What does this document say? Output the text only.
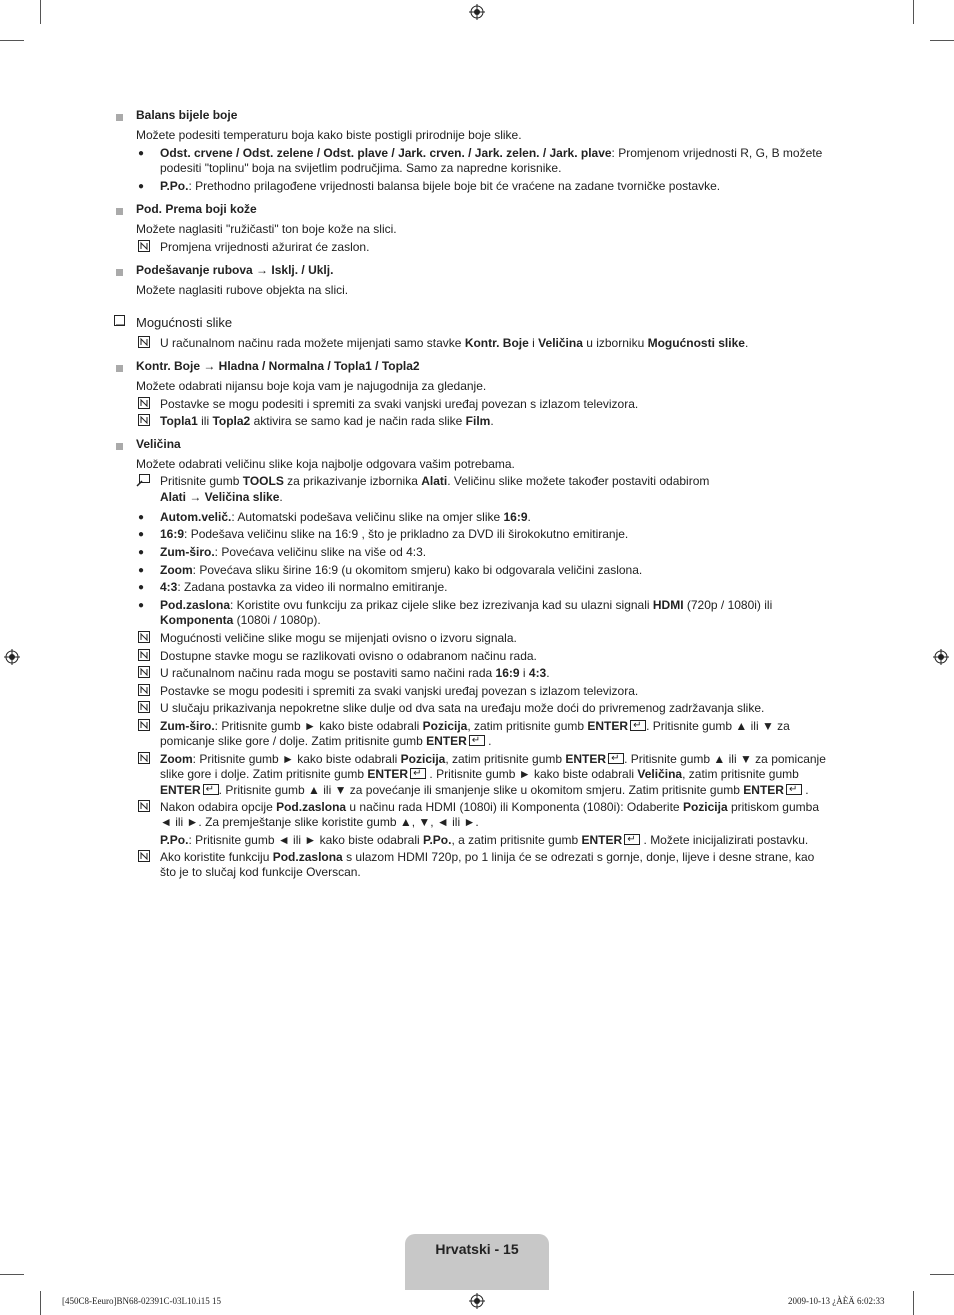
Balans bijele boje
Možete podesiti temperaturu boja kako biste postigli prirodnije boje slike.
● Odst. crvene / Odst. zelene / Odst. plave / Jark. crven. / Jark. zelen. / Jark. plave: Promjenom vrijednosti R, G, B možete
podesiti "toplinu" boja na svijetlim područjima. Samo za napredne korisnike.
● P.Po.: Prethodno prilagođene vrijednosti balansa bijele boje bit će vraćene na zadane tvorničke postavke.
Pod. Prema boji kože
Možete naglasiti "ružičasti" ton boje kože na slici.
Promjena vrijednosti ažurirat će zaslon.
Podešavanje rubova → Isklj. / Uklj.
Možete naglasiti rubove objekta na slici.
Mogućnosti slike
U računalnom načinu rada možete mijenjati samo stavke Kontr. Boje i Veličina u izborniku Mogućnosti slike.
Kontr. Boje → Hladna / Normalna / Topla1 / Topla2
Možete odabrati nijansu boje koja vam je najugodnija za gledanje.
Postavke se mogu podesiti i spremiti za svaki vanjski uređaj povezan s izlazom televizora.
Topla1 ili Topla2 aktivira se samo kad je način rada slike Film.
Veličina
Možete odabrati veličinu slike koja najbolje odgovara vašim potrebama.
Pritisnite gumb TOOLS za prikazivanje izbornika Alati. Veličinu slike možete također postaviti odabirom
Alati → Veličina slike.
● Autom.velič.: Automatski podešava veličinu slike na omjer slike 16:9.
● 16:9: Podešava veličinu slike na 16:9 , što je prikladno za DVD ili širokokutno emitiranje.
● Zum-širo.: Povećava veličinu slike na više od 4:3.
● Zoom: Povećava sliku širine 16:9 (u okomitom smjeru) kako bi odgovarala veličini zaslona.
● 4:3: Zadana postavka za video ili normalno emitiranje.
● Pod.zaslona: Koristite ovu funkciju za prikaz cijele slike bez izrezivanja kad su ulazni signali HDMI (720p / 1080i) ili
Komponenta (1080i / 1080p).
Mogućnosti veličine slike mogu se mijenjati ovisno o izvoru signala.
Dostupne stavke mogu se razlikovati ovisno o odabranom načinu rada.
U računalnom načinu rada mogu se postaviti samo načini rada 16:9 i 4:3.
Postavke se mogu podesiti i spremiti za svaki vanjski uređaj povezan s izlazom televizora.
U slučaju prikazivanja nepokretne slike dulje od dva sata na uređaju može doći do privremenog zadržavanja slike.
Zum-širo.: Pritisnite gumb ► kako biste odabrali Pozicija, zatim pritisnite gumb ENTER ↵ . Pritisnite gumb ▲ ili ▼ za
pomicanje slike gore / dolje. Zatim pritisnite gumb ENTER↵ .
Zoom: Pritisnite gumb ► kako biste odabrali Pozicija, zatim pritisnite gumb ENTER ↵ . Pritisnite gumb ▲ ili ▼ za pomicanje
slike gore i dolje. Zatim pritisnite gumb ENTER↵ . Pritisnite gumb ► kako biste odabrali Veličina, zatim pritisnite gumb
ENTER ↵ . Pritisnite gumb ▲ ili ▼ za povećanje ili smanjenje slike u okomitom smjeru. Zatim pritisnite gumb ENTER↵ .
Nakon odabira opcije Pod.zaslona u načinu rada HDMI (1080i) ili Komponenta (1080i): Odaberite Pozicija pritiskom gumba
◄ ili ►. Za premještanje slike koristite gumb ▲, ▼, ◄ ili ►.
P.Po.: Pritisnite gumb ◄ ili ► kako biste odabrali P.Po., a zatim pritisnite gumb ENTER↵ . Možete inicijalizirati postavku.
Ako koristite funkciju Pod.zaslona s ulazom HDMI 720p, po 1 linija će se odrezati s gornje, donje, lijeve i desne strane, kao
što je to slučaj kod funkcije Overscan.
Hrvatski - 15
[450C8-Eeuro]BN68-02391C-03L10.i15 15	2009-10-13 ¿ÀÈÄ 6:02:33
